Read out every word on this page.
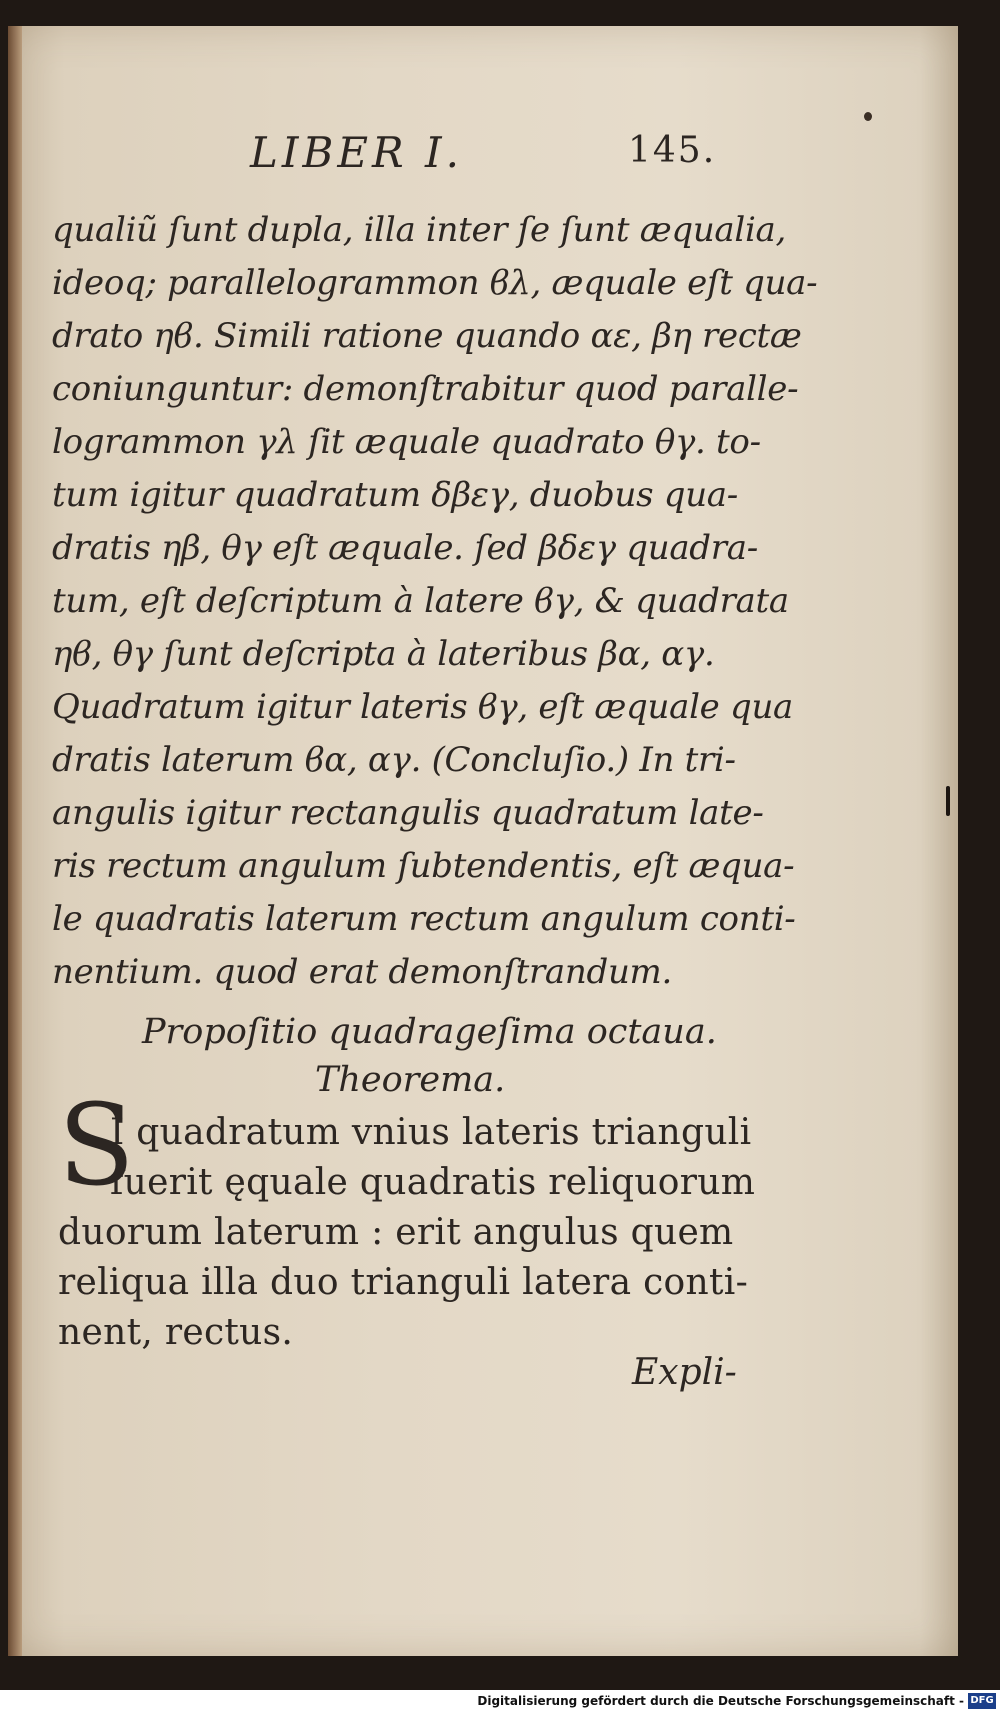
LIBER I.	145.
qualiũ ſunt dupla, illa inter ſe ſunt æqualia,
ideoq; parallelogrammon ϐλ, æquale eſt qua-
drato ηϐ. Simili ratione quando αε, βη rectæ
coniunguntur: demonſtrabitur quod paralle-
logrammon γλ ſit æquale quadrato θγ. to-
tum igitur quadratum δβεγ, duobus qua-
dratis ηβ, θγ eſt æquale. ſed βδεγ quadra-
tum, eſt deſcriptum à latere ϐγ, & quadrata
ηϐ, θγ ſunt deſcripta à lateribus βα, αγ.
Quadratum igitur lateris ϐγ, eſt æquale qua
dratis laterum ϐα, αγ. (Concluſio.) In tri-
angulis igitur rectangulis quadratum late-
ris rectum angulum ſubtendentis, eſt æqua-
le quadratis laterum rectum angulum conti-
nentium. quod erat demonſtrandum.
Propoſitio quadrageſima octaua.
Theorema.
I quadratum vnius lateris trianguli
fuerit ęquale quadratis reliquorum
duorum laterum : erit angulus quem
reliqua illa duo trianguli latera conti-
nent, rectus.
S
Expli-
Digitalisierung gefördert durch die Deutsche Forschungsgemeinschaft - DFG
